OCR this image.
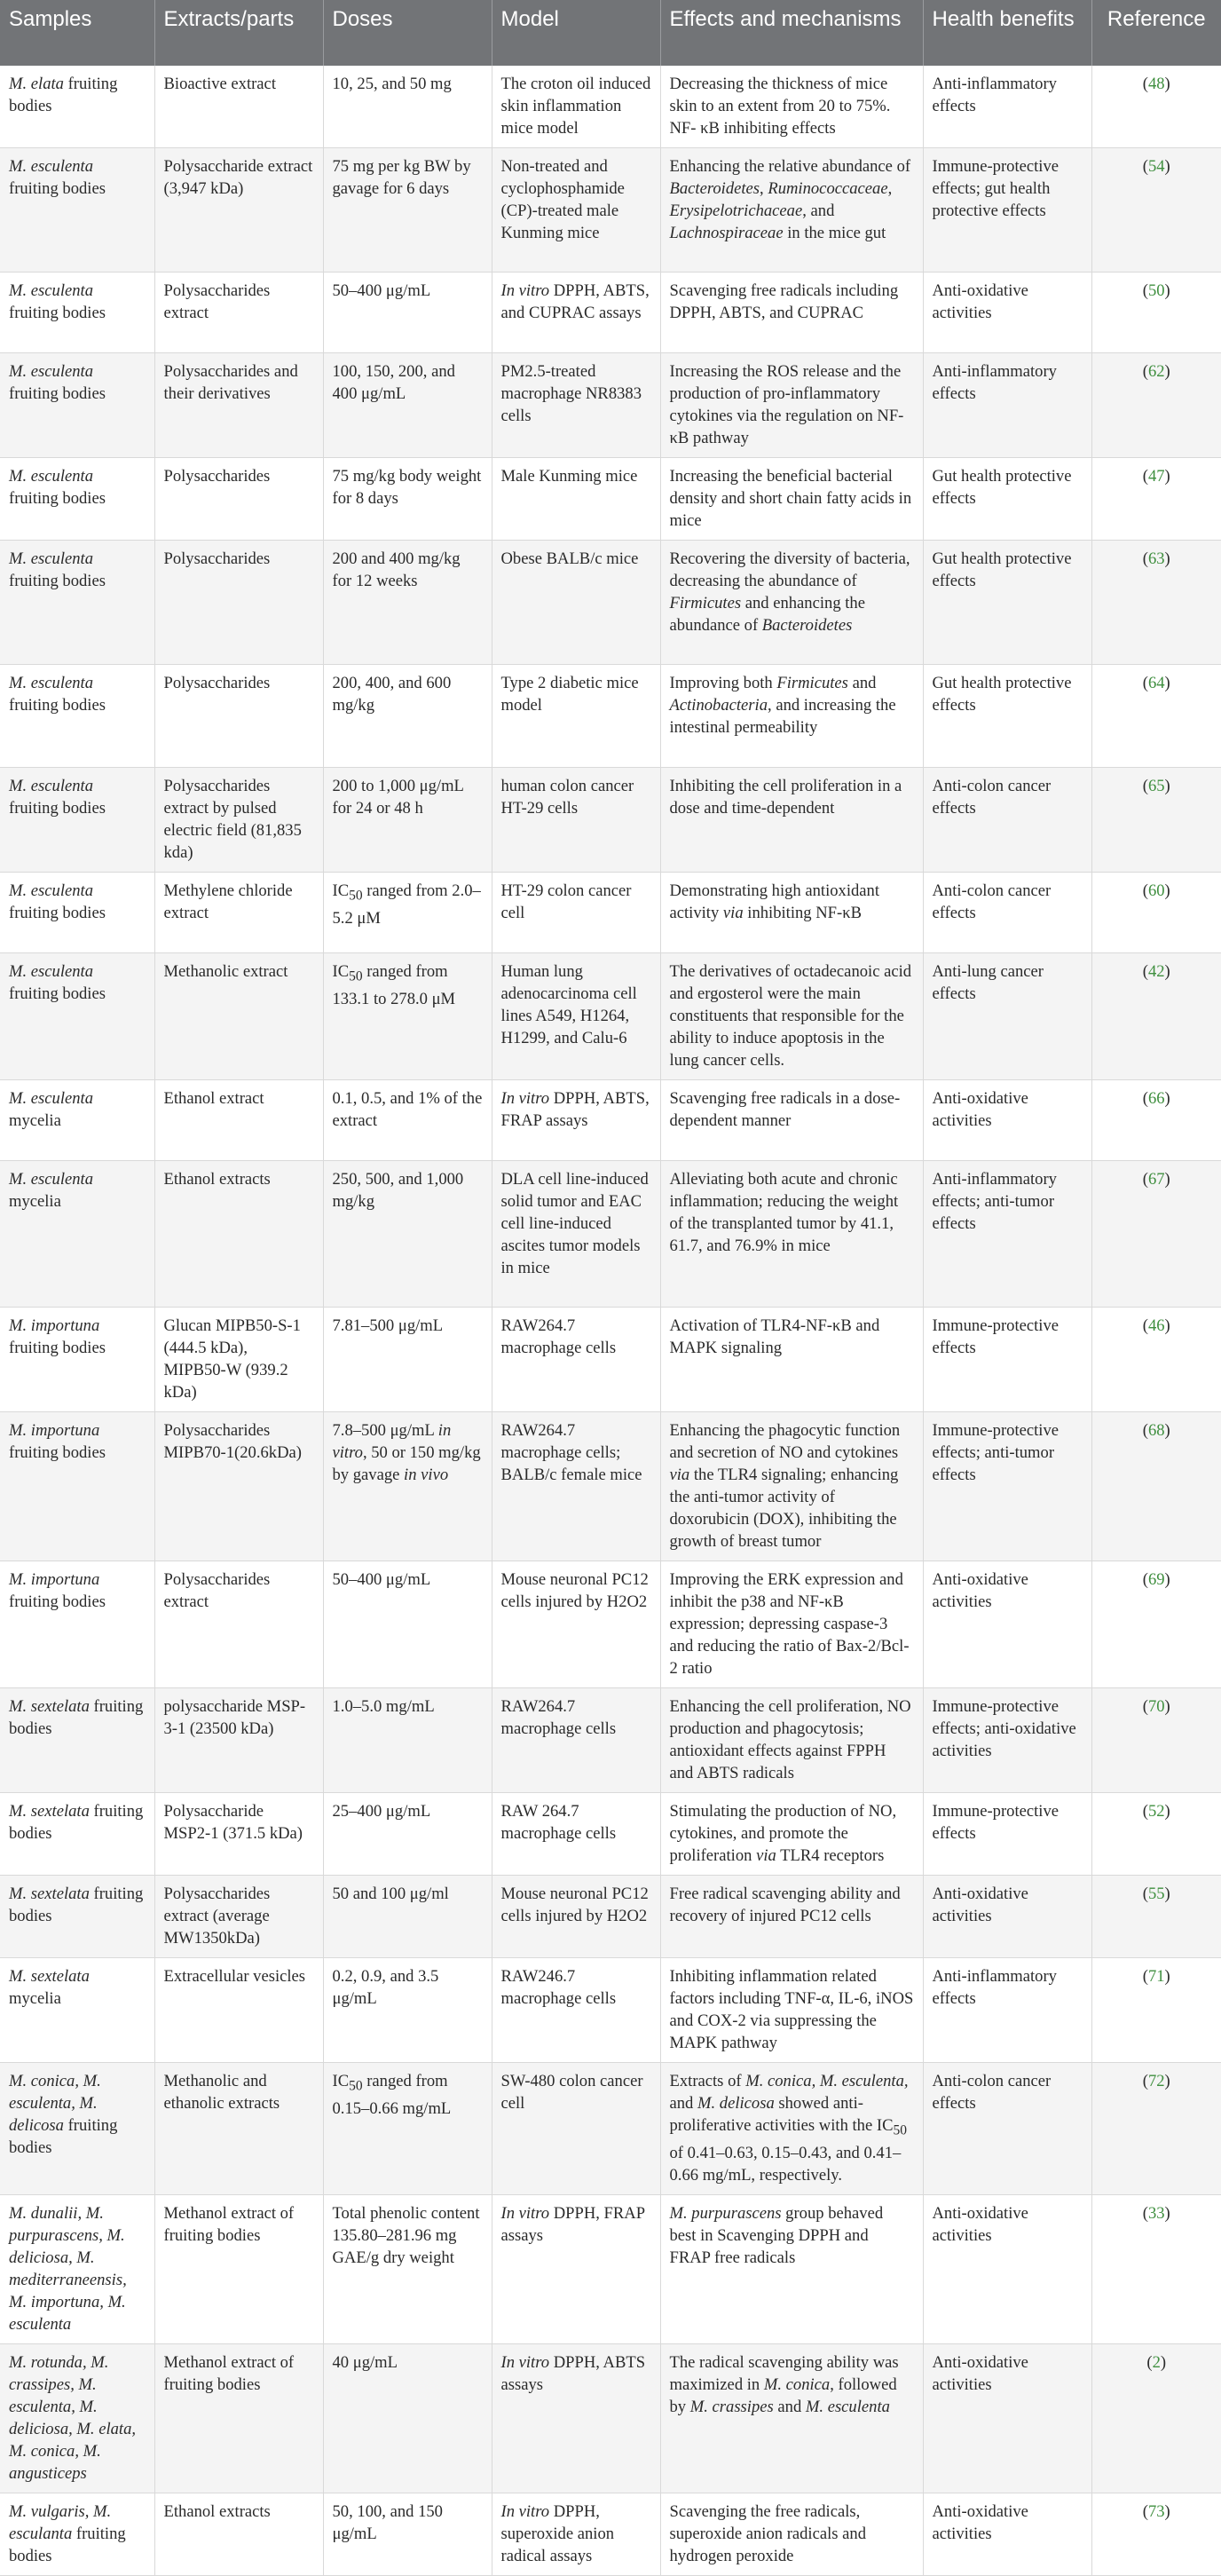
Samples	Extracts/parts	Doses	Model	Effects and mechanisms	Health benefits	Reference
M. elata fruiting bodies	Bioactive extract	10, 25, and 50 mg	The croton oil induced skin inflammation mice model	Decreasing the thickness of mice skin to an extent from 20 to 75%. NF- κB inhibiting effects	Anti-inflammatory effects	( 48 )
M. esculenta fruiting bodies	Polysaccharide extract (3,947 kDa)	75 mg per kg BW by gavage for 6 days	Non-treated and cyclophosphamide (CP)-treated male Kunming mice	Enhancing the relative abundance of Bacteroidetes, Ruminococcaceae, Erysipelotrichaceae, and Lachnospiraceae in the mice gut	Immune-protective effects; gut health protective effects	( 54 )
M. esculenta fruiting bodies	Polysaccharides extract	50–400 μg/mL	In vitro DPPH, ABTS, and CUPRAC assays	Scavenging free radicals including DPPH, ABTS, and CUPRAC	Anti-oxidative activities	( 50 )
M. esculenta fruiting bodies	Polysaccharides and their derivatives	100, 150, 200, and 400 μg/mL	PM2.5-treated macrophage NR8383 cells	Increasing the ROS release and the production of pro-inflammatory cytokines via the regulation on NF- κB pathway	Anti-inflammatory effects	( 62 )
M. esculenta fruiting bodies	Polysaccharides	75 mg/kg body weight for 8 days	Male Kunming mice	Increasing the beneficial bacterial density and short chain fatty acids in mice	Gut health protective effects	( 47 )
M. esculenta fruiting bodies	Polysaccharides	200 and 400 mg/kg for 12 weeks	Obese BALB/c mice	Recovering the diversity of bacteria, decreasing the abundance of Firmicutes and enhancing the abundance of Bacteroidetes	Gut health protective effects	( 63 )
M. esculenta fruiting bodies	Polysaccharides	200, 400, and 600 mg/kg	Type 2 diabetic mice model	Improving both Firmicutes and Actinobacteria, and increasing the intestinal permeability	Gut health protective effects	( 64 )
M. esculenta fruiting bodies	Polysaccharides extract by pulsed electric field (81,835 kda)	200 to 1,000 μg/mL for 24 or 48 h	human colon cancer HT-29 cells	Inhibiting the cell proliferation in a dose and time-dependent	Anti-colon cancer effects	( 65 )
M. esculenta fruiting bodies	Methylene chloride extract	$IC_{50}$ ranged from 2.0–5.2 μM	HT-29 colon cancer cell	Demonstrating high antioxidant activity via inhibiting NF-κB	Anti-colon cancer effects	( 60 )
M. esculenta fruiting bodies	Methanolic extract	$IC_{50}$ ranged from 133.1 to 278.0 μM	Human lung adenocarcinoma cell lines A549, H1264, H1299, and Calu-6	The derivatives of octadecanoic acid and ergosterol were the main constituents that responsible for the ability to induce apoptosis in the lung cancer cells.	Anti-lung cancer effects	( 42 )
M. esculenta mycelia	Ethanol extract	0.1, 0.5, and 1% of the extract	In vitro DPPH, ABTS, FRAP assays	Scavenging free radicals in a dose-dependent manner	Anti-oxidative activities	( 66 )
M. esculenta mycelia	Ethanol extracts	250, 500, and 1,000 mg/kg	DLA cell line-induced solid tumor and EAC cell line-induced ascites tumor models in mice	Alleviating both acute and chronic inflammation; reducing the weight of the transplanted tumor by 41.1, 61.7, and 76.9% in mice	Anti-inflammatory effects; anti-tumor effects	( 67 )
M. importuna fruiting bodies	Glucan MIPB50-S-1 (444.5 kDa), MIPB50-W (939.2 kDa)	7.81–500 μg/mL	RAW264.7 macrophage cells	Activation of TLR4-NF-κB and MAPK signaling	Immune-protective effects	( 46 )
M. importuna fruiting bodies	Polysaccharides MIPB70-1(20.6kDa)	7.8–500 μg/mL in vitro, 50 or 150 mg/kg by gavage in vivo	RAW264.7 macrophage cells; BALB/c female mice	Enhancing the phagocytic function and secretion of NO and cytokines via the TLR4 signaling; enhancing the anti-tumor activity of doxorubicin (DOX), inhibiting the growth of breast tumor	Immune-protective effects; anti-tumor effects	( 68 )
M. importuna fruiting bodies	Polysaccharides extract	50–400 μg/mL	Mouse neuronal PC12 cells injured by H2O2	Improving the ERK expression and inhibit the p38 and NF-κB expression; depressing caspase-3 and reducing the ratio of Bax-2/Bcl-2 ratio	Anti-oxidative activities	( 69 )
M. sextelata fruiting bodies	polysaccharide MSP-3-1 (23500 kDa)	1.0–5.0 mg/mL	RAW264.7 macrophage cells	Enhancing the cell proliferation, NO production and phagocytosis; antioxidant effects against FPPH and ABTS radicals	Immune-protective effects; anti-oxidative activities	( 70 )
M. sextelata fruiting bodies	Polysaccharide MSP2-1 (371.5 kDa)	25–400 μg/mL	RAW 264.7 macrophage cells	Stimulating the production of NO, cytokines, and promote the proliferation via TLR4 receptors	Immune-protective effects	( 52 )
M. sextelata fruiting bodies	Polysaccharides extract (average MW1350kDa)	50 and 100 μg/ml	Mouse neuronal PC12 cells injured by H2O2	Free radical scavenging ability and recovery of injured PC12 cells	Anti-oxidative activities	( 55 )
M. sextelata mycelia	Extracellular vesicles	0.2, 0.9, and 3.5 μg/mL	RAW246.7 macrophage cells	Inhibiting inflammation related factors including TNF-α, IL-6, iNOS and COX-2 via suppressing the MAPK pathway	Anti-inflammatory effects	( 71 )
M. conica, M. esculenta, M. delicosa fruiting bodies	Methanolic and ethanolic extracts	$IC_{50}$ ranged from 0.15–0.66 mg/mL	SW-480 colon cancer cell	Extracts of M. conica, M. esculenta, and M. delicosa showed anti-proliferative activities with the $IC_{50}$ of 0.41–0.63, 0.15–0.43, and 0.41–0.66 mg/mL, respectively.	Anti-colon cancer effects	( 72 )
M. dunalii, M. purpurascens, M. deliciosa, M. mediterraneensis, M. importuna, M. esculenta	Methanol extract of fruiting bodies	Total phenolic content 135.80–281.96 mg GAE/g dry weight	In vitro DPPH, FRAP assays	M. purpurascens group behaved best in Scavenging DPPH and FRAP free radicals	Anti-oxidative activities	( 33 )
M. rotunda, M. crassipes, M. esculenta, M. deliciosa, M. elata, M. conica, M. angusticeps	Methanol extract of fruiting bodies	40 μg/mL	In vitro DPPH, ABTS assays	The radical scavenging ability was maximized in M. conica, followed by M. crassipes and M. esculenta	Anti-oxidative activities	( 2 )
M. vulgaris, M. esculanta fruiting bodies	Ethanol extracts	50, 100, and 150 μg/mL	In vitro DPPH, superoxide anion radical assays	Scavenging the free radicals, superoxide anion radicals and hydrogen peroxide	Anti-oxidative activities	( 73 )
